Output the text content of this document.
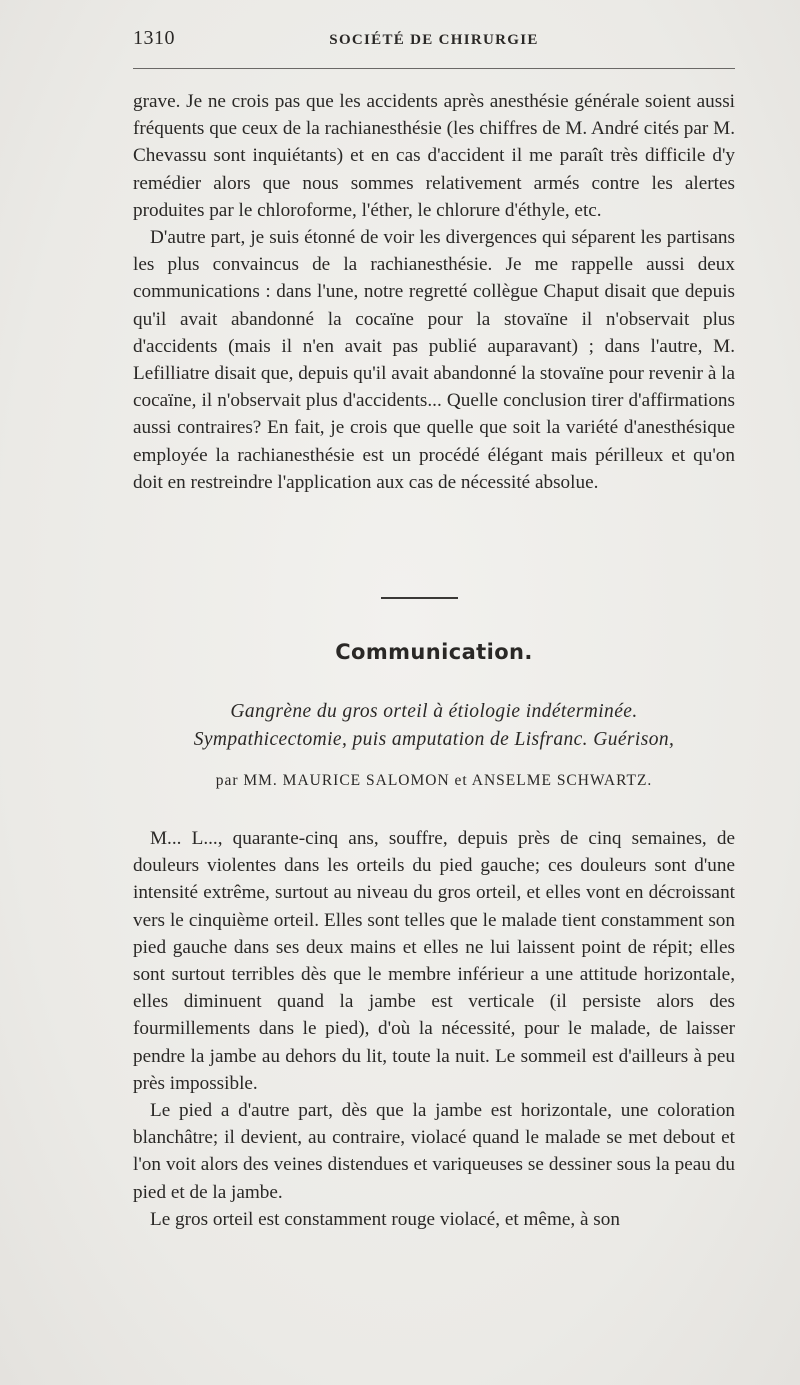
1310	SOCIÉTÉ DE CHIRURGIE

grave. Je ne crois pas que les accidents après anesthésie générale soient aussi fréquents que ceux de la rachianesthésie (les chiffres de M. André cités par M. Chevassu sont inquiétants) et en cas d'accident il me paraît très difficile d'y remédier alors que nous sommes relativement armés contre les alertes produites par le chloroforme, l'éther, le chlorure d'éthyle, etc.

D'autre part, je suis étonné de voir les divergences qui séparent les partisans les plus convaincus de la rachianesthésie. Je me rappelle aussi deux communications : dans l'une, notre regretté collègue Chaput disait que depuis qu'il avait abandonné la cocaïne pour la stovaïne il n'observait plus d'accidents (mais il n'en avait pas publié auparavant) ; dans l'autre, M. Lefilliatre disait que, depuis qu'il avait abandonné la stovaïne pour revenir à la cocaïne, il n'observait plus d'accidents... Quelle conclusion tirer d'affirmations aussi contraires? En fait, je crois que quelle que soit la variété d'anesthésique employée la rachianesthésie est un procédé élégant mais périlleux et qu'on doit en restreindre l'application aux cas de nécessité absolue.

Communication.
Gangrène du gros orteil à étiologie indéterminée.
Sympathicectomie, puis amputation de Lisfranc. Guérison,
par MM. MAURICE SALOMON et ANSELME SCHWARTZ.

M... L..., quarante-cinq ans, souffre, depuis près de cinq semaines, de douleurs violentes dans les orteils du pied gauche; ces douleurs sont d'une intensité extrême, surtout au niveau du gros orteil, et elles vont en décroissant vers le cinquième orteil. Elles sont telles que le malade tient constamment son pied gauche dans ses deux mains et elles ne lui laissent point de répit; elles sont surtout terribles dès que le membre inférieur a une attitude horizontale, elles diminuent quand la jambe est verticale (il persiste alors des fourmillements dans le pied), d'où la nécessité, pour le malade, de laisser pendre la jambe au dehors du lit, toute la nuit. Le sommeil est d'ailleurs à peu près impossible.

Le pied a d'autre part, dès que la jambe est horizontale, une coloration blanchâtre; il devient, au contraire, violacé quand le malade se met debout et l'on voit alors des veines distendues et variqueuses se dessiner sous la peau du pied et de la jambe.

Le gros orteil est constamment rouge violacé, et même, à son
